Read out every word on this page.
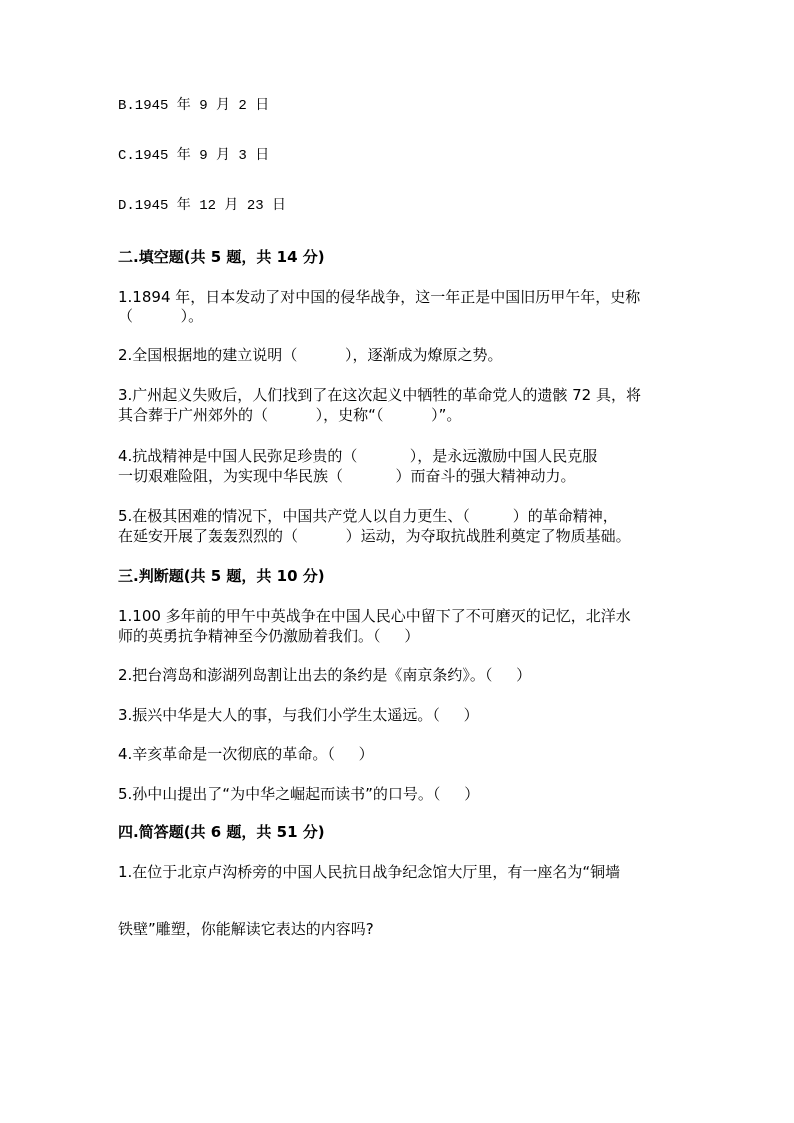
B.1945 年 9 月 2 日
C.1945 年 9 月 3 日
D.1945 年 12 月 23 日
二.填空题(共 5 题，共 14 分)
1.1894 年，日本发动了对中国的侵华战争，这一年正是中国旧历甲午年，史称
（          ）。
2.全国根据地的建立说明（          ），逐渐成为燎原之势。
3.广州起义失败后，人们找到了在这次起义中牺牲的革命党人的遗骸 72 具，将
其合葬于广州郊外的（          ），史称“（          ）”。
4.抗战精神是中国人民弥足珍贵的（           ），是永远激励中国人民克服
一切艰难险阻，为实现中华民族（           ）而奋斗的强大精神动力。
5.在极其困难的情况下，中国共产党人以自力更生、（         ）的革命精神，
在延安开展了轰轰烈烈的（          ）运动，为夺取抗战胜利奠定了物质基础。
三.判断题(共 5 题，共 10 分)
1.100 多年前的甲午中英战争在中国人民心中留下了不可磨灭的记忆，北洋水
师的英勇抗争精神至今仍激励着我们。（     ）
2.把台湾岛和澎湖列岛割让出去的条约是《南京条约》。（     ）
3.振兴中华是大人的事，与我们小学生太遥远。（     ）
4.辛亥革命是一次彻底的革命。（     ）
5.孙中山提出了“为中华之崛起而读书”的口号。（     ）
四.简答题(共 6 题，共 51 分)
1.在位于北京卢沟桥旁的中国人民抗日战争纪念馆大厅里，有一座名为“铜墙
铁壁”雕塑，你能解读它表达的内容吗?
